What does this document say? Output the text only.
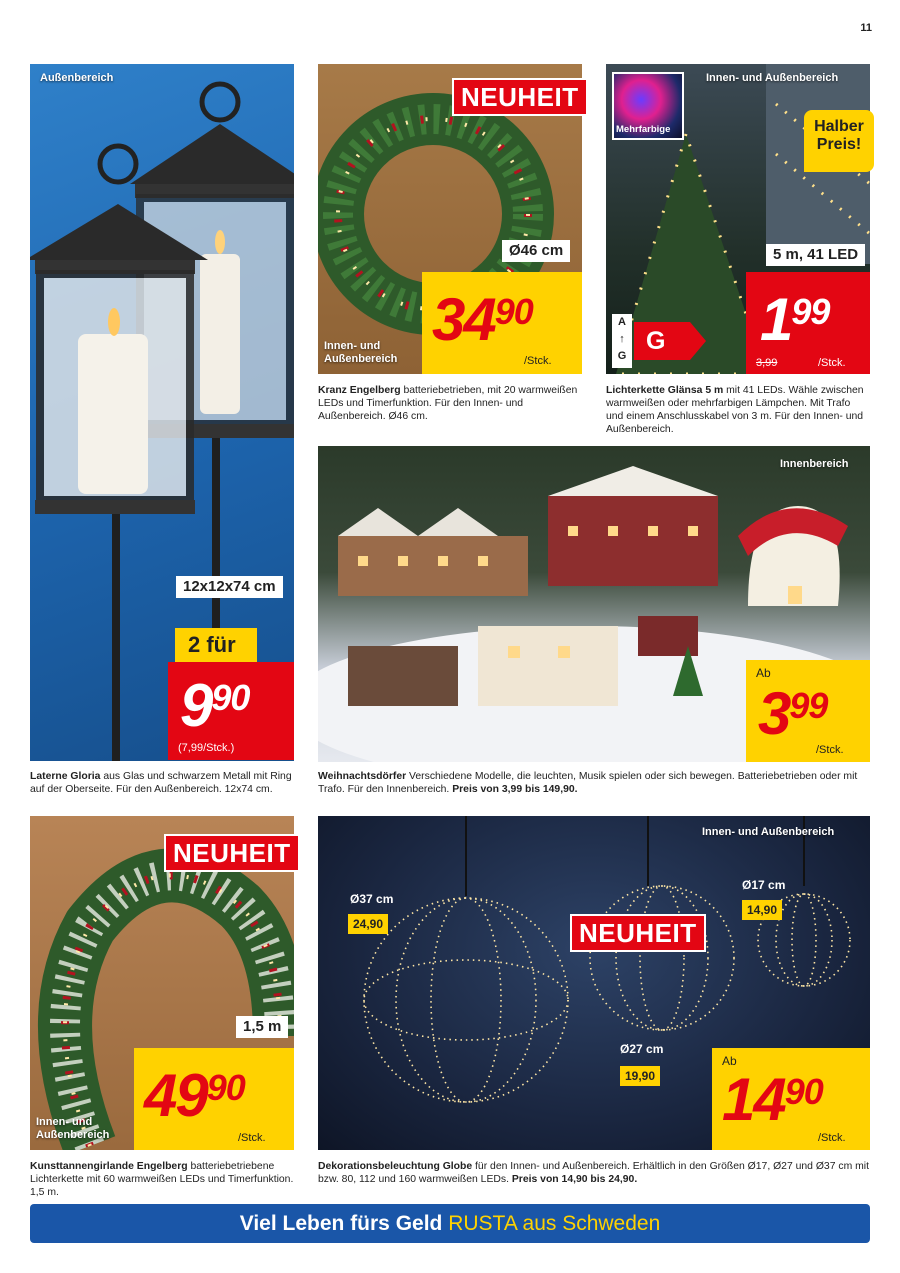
11
Außenbereich
12x12x74 cm
2 für
990
(7,99/Stck.)
Laterne Gloria aus Glas und schwarzem Metall mit Ring auf der Oberseite. Für den Außenbereich. 12x74 cm.
Innen- und
Außenbereich
Ø46 cm
NEUHEIT
3490
/Stck.
Kranz Engelberg batteriebetrieben, mit 20 warmweißen LEDs und Timerfunktion. Für den Innen- und Außenbereich. Ø46 cm.
Mehrfarbige
Innen- und Außenbereich
5 m, 41 LED
A
↑
G
G
Halber Preis!
199
3,99	/Stck.
Lichterkette Glänsa 5 m mit 41 LEDs. Wähle zwischen warmweißen oder mehrfarbigen Lämpchen. Mit Trafo und einem Anschlusskabel von 3 m. Für den Innen- und Außenbereich.
Innenbereich
Ab
399
/Stck.
Weihnachtsdörfer Verschiedene Modelle, die leuchten, Musik spielen oder sich bewegen. Batteriebetrieben oder mit Trafo. Für den Innenbereich. Preis von 3,99 bis 149,90.
Innen- und
Außenbereich
1,5 m
NEUHEIT
4990
/Stck.
Kunsttannengirlande Engelberg batteriebetriebene Lichterkette mit 60 warmweißen LEDs und Timerfunktion. 1,5 m.
Innen- und Außenbereich
Ø37 cm
24,90
Ø17 cm
14,90
Ø27 cm
19,90
NEUHEIT
Ab
1490
/Stck.
Dekorationsbeleuchtung Globe für den Innen- und Außenbereich. Erhältlich in den Größen Ø17, Ø27 und Ø37 cm mit bzw. 80, 112 und 160 warmweißen LEDs. Preis von 14,90 bis 24,90.
Viel Leben fürs Geld RUSTA aus Schweden
